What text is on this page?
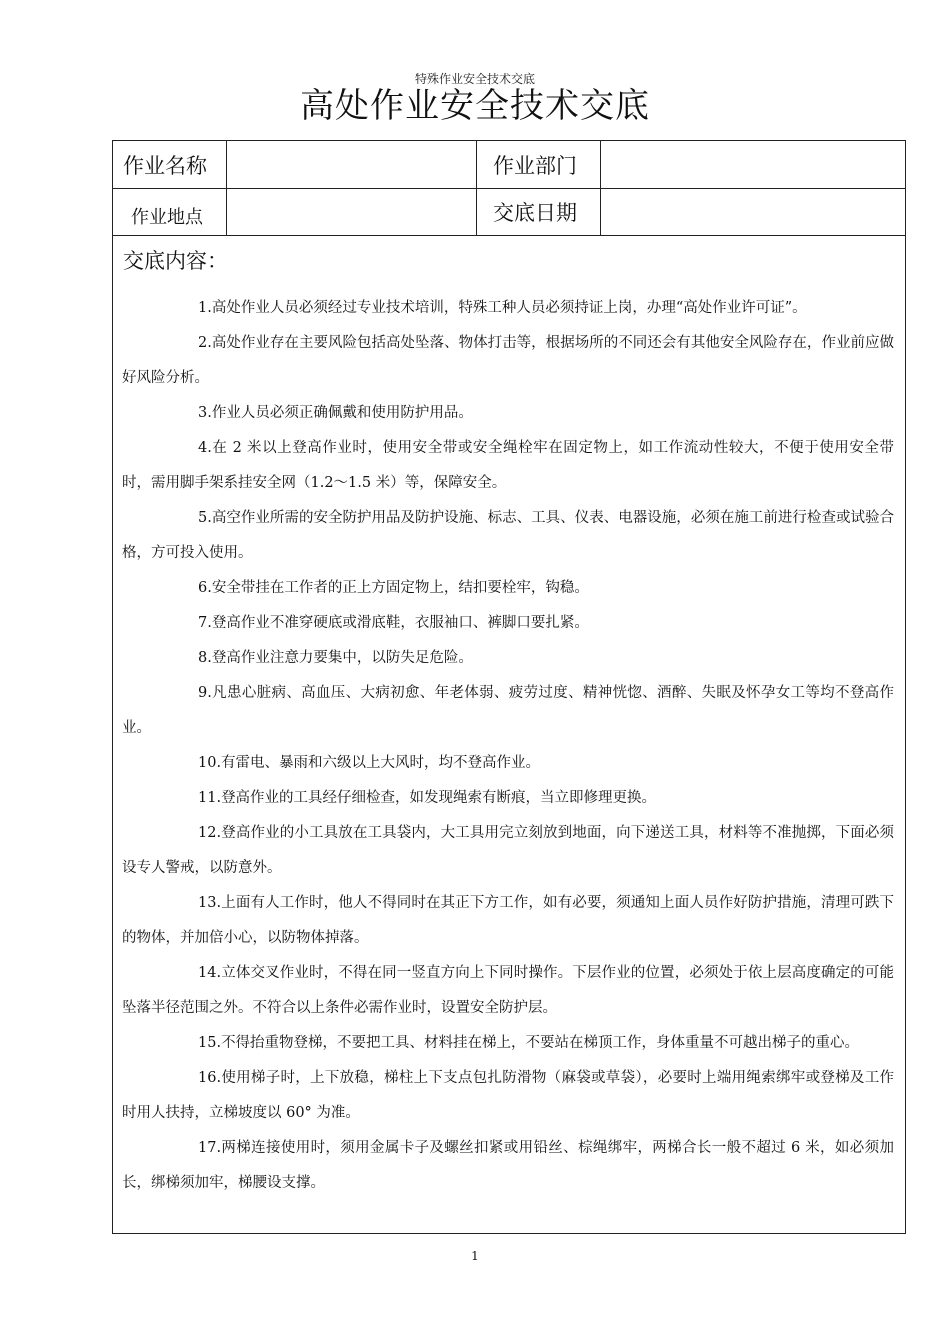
特殊作业安全技术交底
高处作业安全技术交底
作业名称	作业部门
作业地点	交底日期
交底内容：

1.高处作业人员必须经过专业技术培训，特殊工种人员必须持证上岗，办理“高处作业许可证”。

2.高处作业存在主要风险包括高处坠落、物体打击等，根据场所的不同还会有其他安全风险存在，作业前应做好风险分析。

3.作业人员必须正确佩戴和使用防护用品。

4.在 2 米以上登高作业时，使用安全带或安全绳栓牢在固定物上，如工作流动性较大，不便于使用安全带时，需用脚手架系挂安全网（1.2～1.5 米）等，保障安全。

5.高空作业所需的安全防护用品及防护设施、标志、工具、仪表、电器设施，必须在施工前进行检查或试验合格，方可投入使用。

6.安全带挂在工作者的正上方固定物上，结扣要栓牢，钩稳。

7.登高作业不准穿硬底或滑底鞋，衣服袖口、裤脚口要扎紧。

8.登高作业注意力要集中，以防失足危险。

9.凡患心脏病、高血压、大病初愈、年老体弱、疲劳过度、精神恍惚、酒醉、失眠及怀孕女工等均不登高作业。

10.有雷电、暴雨和六级以上大风时，均不登高作业。

11.登高作业的工具经仔细检查，如发现绳索有断痕，当立即修理更换。

12.登高作业的小工具放在工具袋内，大工具用完立刻放到地面，向下递送工具，材料等不准抛掷，下面必须设专人警戒，以防意外。

13.上面有人工作时，他人不得同时在其正下方工作，如有必要，须通知上面人员作好防护措施，清理可跌下的物体，并加倍小心，以防物体掉落。

14.立体交叉作业时，不得在同一竖直方向上下同时操作。下层作业的位置，必须处于依上层高度确定的可能坠落半径范围之外。不符合以上条件必需作业时，设置安全防护层。

15.不得抬重物登梯，不要把工具、材料挂在梯上，不要站在梯顶工作，身体重量不可越出梯子的重心。

16.使用梯子时，上下放稳，梯柱上下支点包扎防滑物（麻袋或草袋），必要时上端用绳索绑牢或登梯及工作时用人扶持，立梯坡度以 60° 为准。

17.两梯连接使用时，须用金属卡子及螺丝扣紧或用铅丝、棕绳绑牢，两梯合长一般不超过 6 米，如必须加长，绑梯须加牢，梯腰设支撑。

1
